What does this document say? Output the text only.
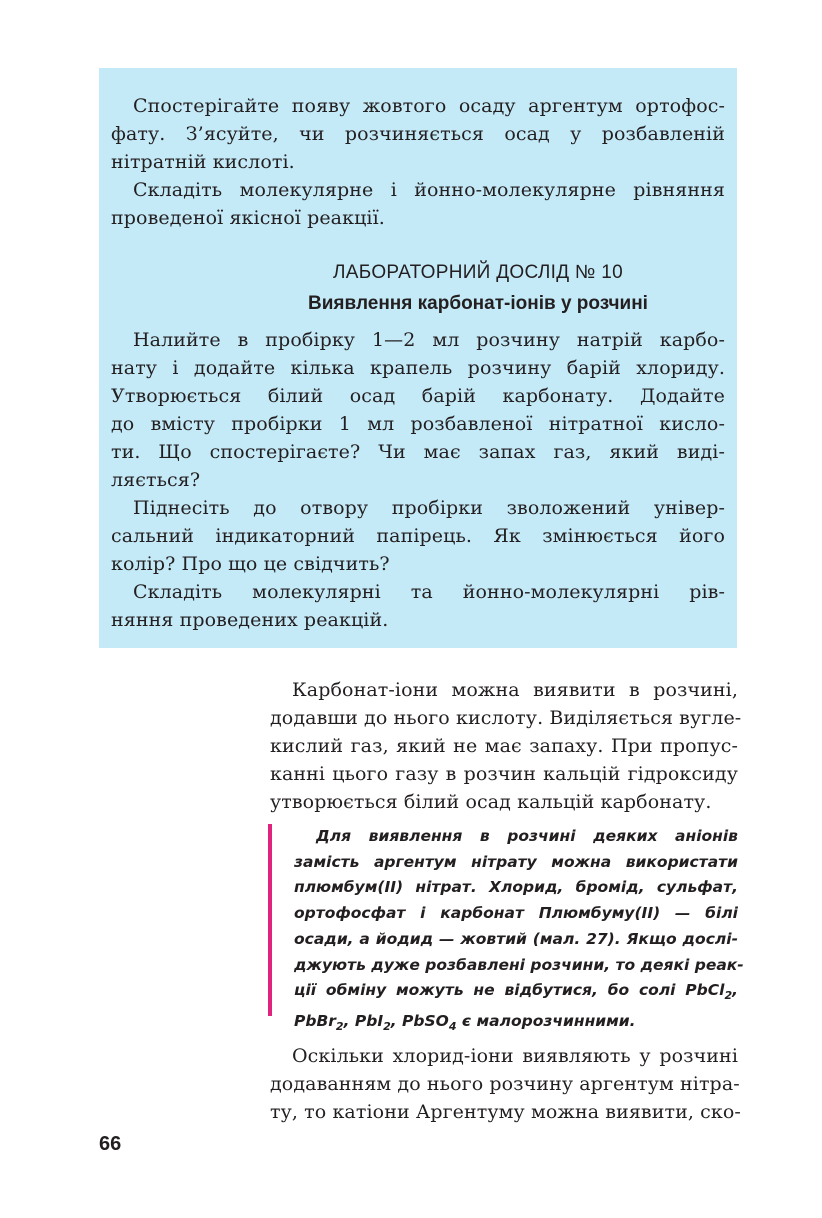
Спостерігайте появу жовтого осаду аргентум ортофос-
фату. З’ясуйте, чи розчиняється осад у розбавленій
нітратній кислоті.

Складіть молекулярне і йонно-молекулярне рівняння
проведеної якісної реакції.

ЛАБОРАТОРНИЙ ДОСЛІД № 10
Виявлення карбонат-іонів у розчині

Налийте в пробірку 1—2 мл розчину натрій карбо-
нату і додайте кілька крапель розчину барій хлориду.
Утворюється білий осад барій карбонату. Додайте
до вмісту пробірки 1 мл розбавленої нітратної кисло-
ти. Що спостерігаєте? Чи має запах газ, який виді-
ляється?

Піднесіть до отвору пробірки зволожений універ-
сальний індикаторний папірець. Як змінюється його
колір? Про що це свідчить?

Складіть молекулярні та йонно-молекулярні рів-
няння проведених реакцій.

Карбонат-іони можна виявити в розчині,
додавши до нього кислоту. Виділяється вугле-
кислий газ, який не має запаху. При пропус-
канні цього газу в розчин кальцій гідроксиду
утворюється білий осад кальцій карбонату.

Для виявлення в розчині деяких аніонів
замість аргентум нітрату можна використати
плюмбум(II) нітрат. Хлорид, бромід, сульфат,
ортофосфат і карбонат Плюмбуму(II) — білі
осади, а йодид — жовтий (мал. 27). Якщо дослі-
джують дуже розбавлені розчини, то деякі реак-
ції обміну можуть не відбутися, бо солі PbCl$_2$,
PbBr$_2$, PbI$_2$, PbSO$_4$ є малорозчинними.

Оскільки хлорид-іони виявляють у розчині
додаванням до нього розчину аргентум нітра-
ту, то катіони Аргентуму можна виявити, ско-

66
